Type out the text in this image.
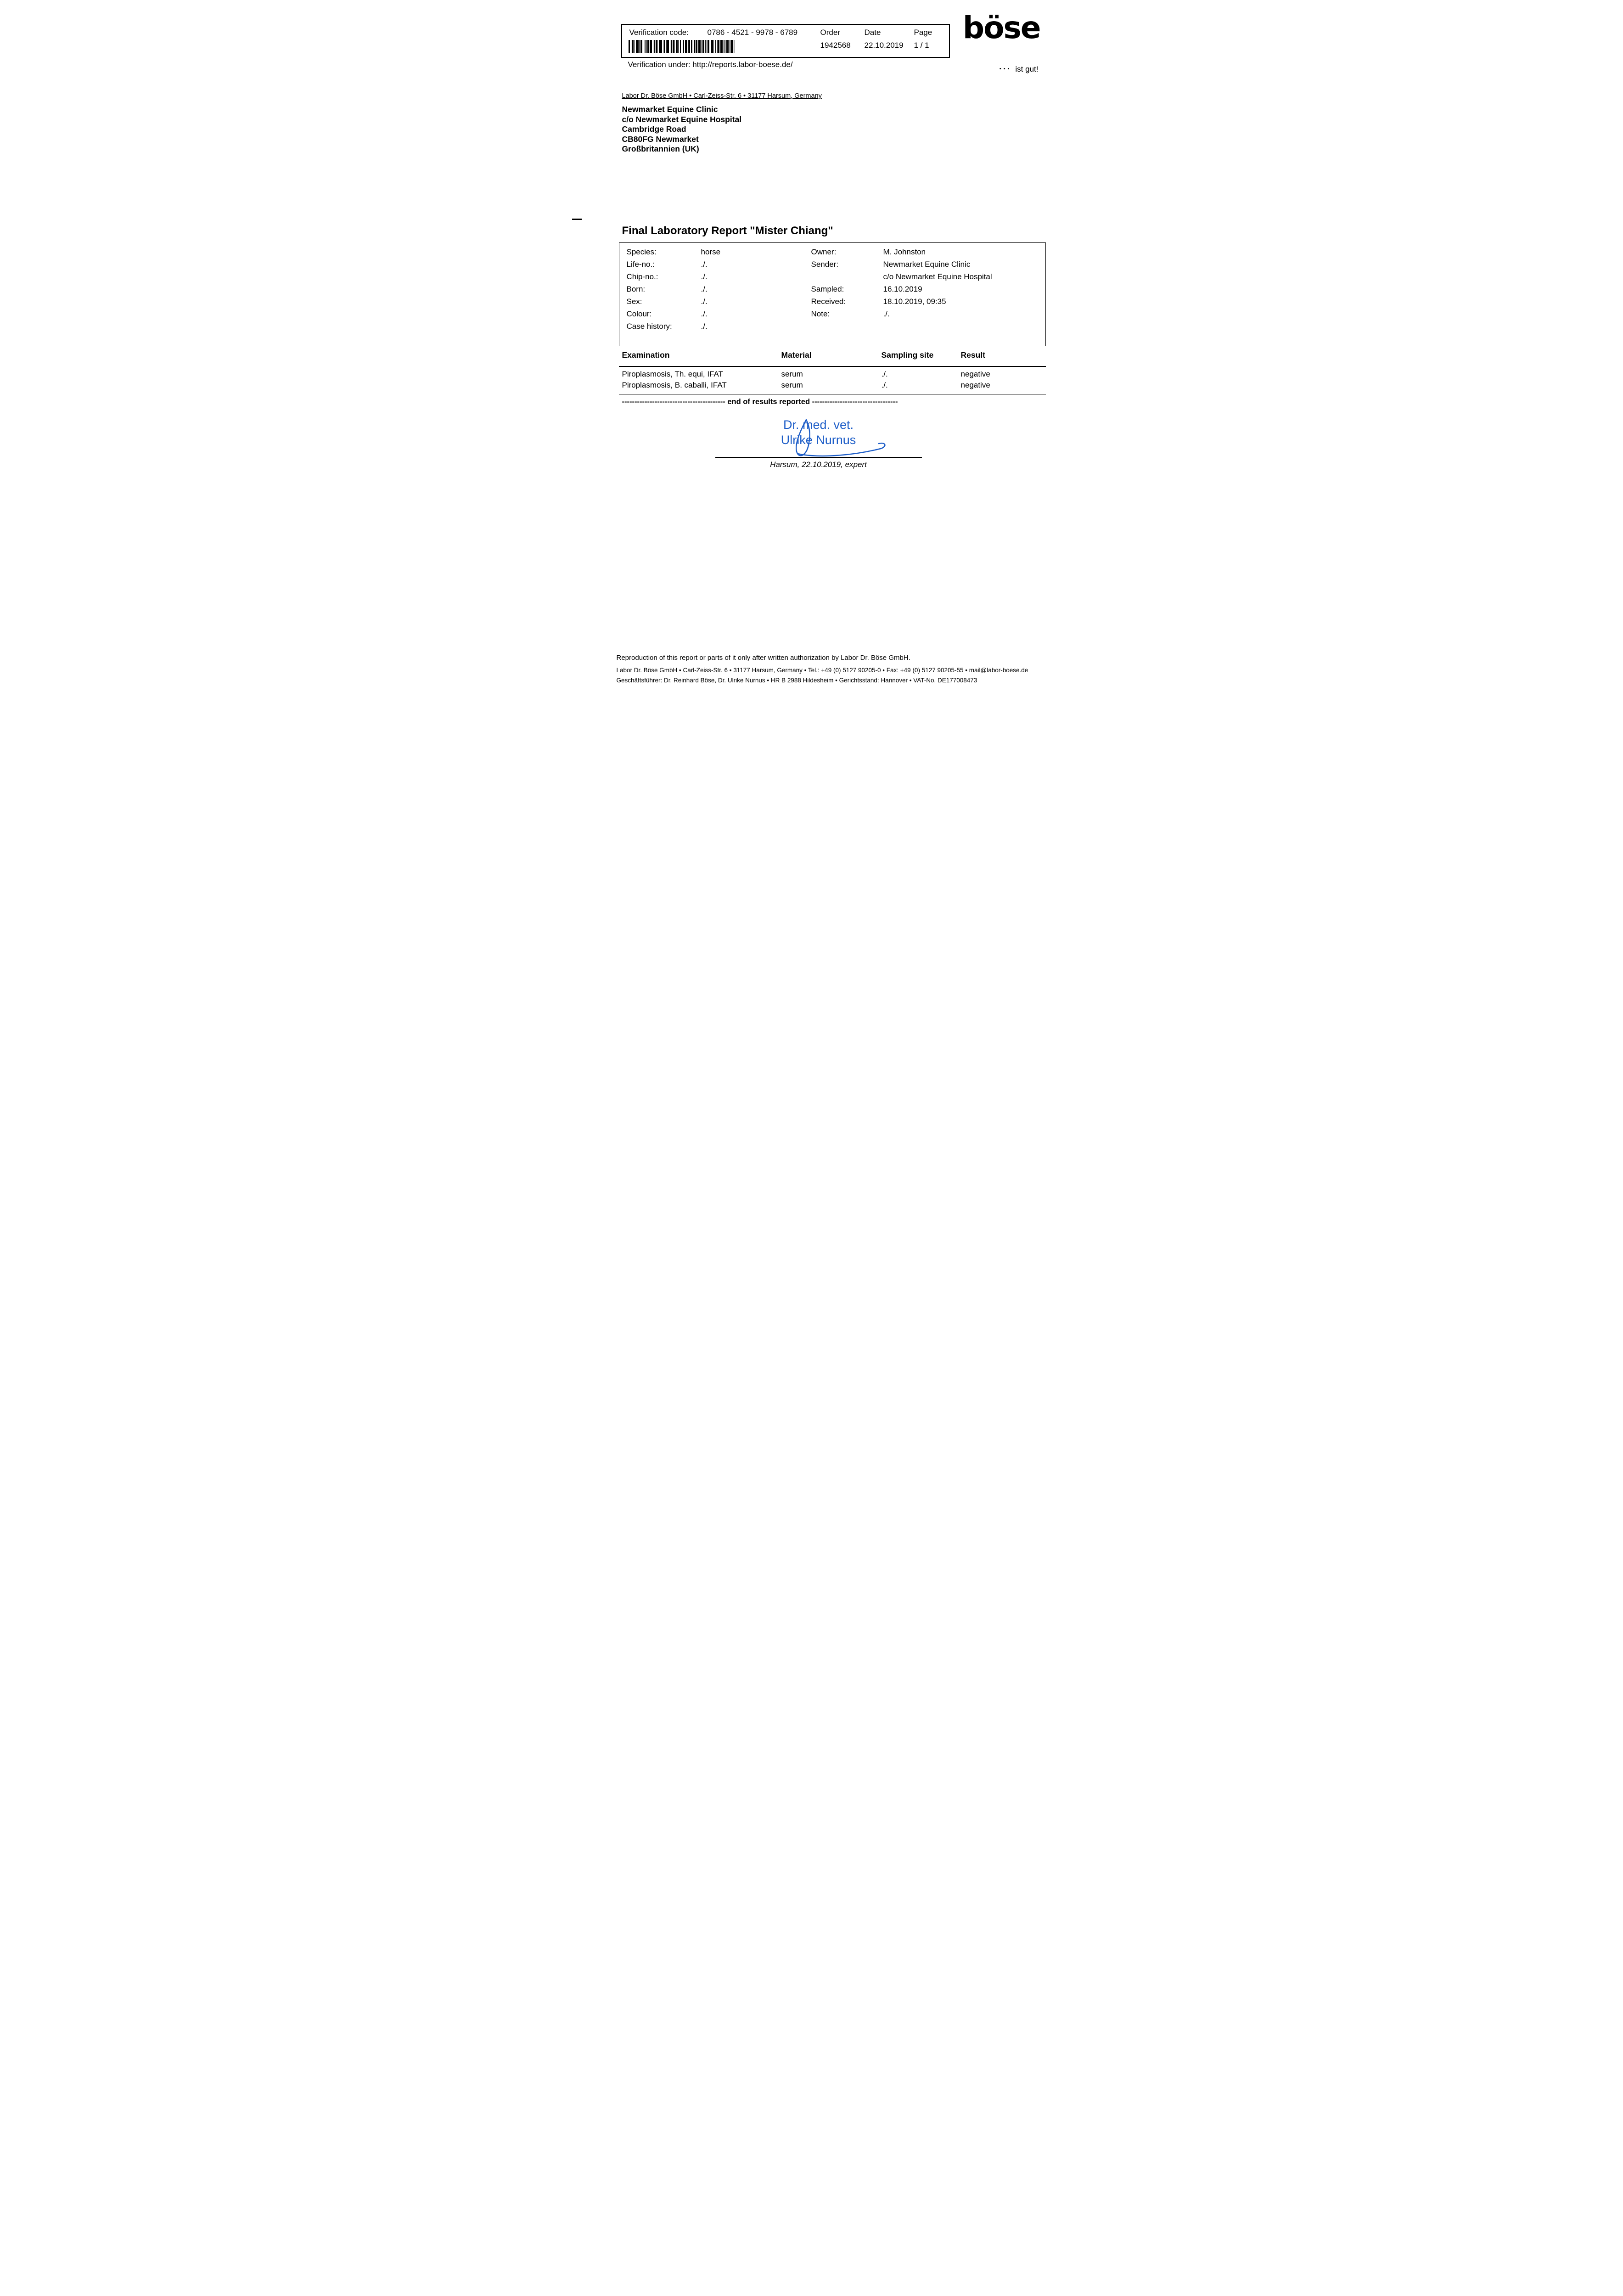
Verification code: 0786 - 4521 - 9978 - 6789	Order
1942568
Date
22.10.2019
Page
1 / 1
Verification under: http://reports.labor-boese.de/
böse
••• ist gut!
Labor Dr. Böse GmbH • Carl-Zeiss-Str. 6 • 31177 Harsum, Germany
Newmarket Equine Clinic
c/o Newmarket Equine Hospital
Cambridge Road
CB80FG Newmarket
Großbritannien (UK)
Final Laboratory Report "Mister Chiang"
Species:	horse
Life-no.:	./.
Chip-no.:	./.
Born:	./.
Sex:	./.
Colour:	./.
Case history:	./.
Owner:	M. Johnston
Sender:	Newmarket Equine Clinic
c/o Newmarket Equine Hospital
Sampled:	16.10.2019
Received:	18.10.2019, 09:35
Note:	./.
Examination	Material	Sampling site	Result
Piroplasmosis, Th. equi, IFAT	serum	./.	negative
Piroplasmosis, B. caballi, IFAT	serum	./.	negative
----------------------------------------- end of results reported ----------------------------------
Dr. med. vet.
Ulrike Nurnus
Harsum, 22.10.2019, expert
Reproduction of this report or parts of it only after written authorization by Labor Dr. Böse GmbH.
Labor Dr. Böse GmbH • Carl-Zeiss-Str. 6 • 31177 Harsum, Germany • Tel.: +49 (0) 5127 90205-0 • Fax: +49 (0) 5127 90205-55 • mail@labor-boese.de
Geschäftsführer: Dr. Reinhard Böse, Dr. Ulrike Nurnus • HR B 2988 Hildesheim • Gerichtsstand: Hannover • VAT-No. DE177008473
